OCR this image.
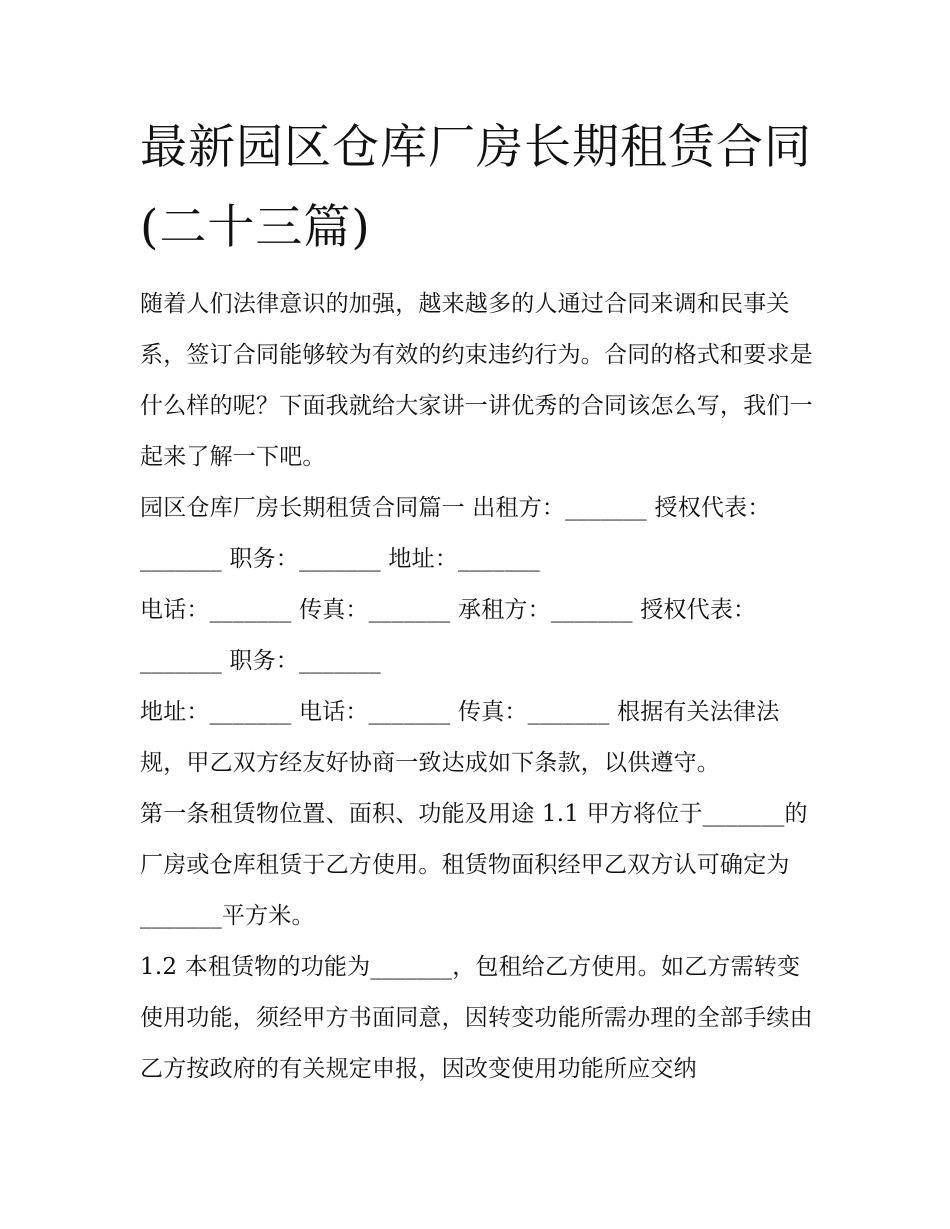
最新园区仓库厂房长期租赁合同(二十三篇)

随着人们法律意识的加强，越来越多的人通过合同来调和民事关系，签订合同能够较为有效的约束违约行为。合同的格式和要求是什么样的呢？下面我就给大家讲一讲优秀的合同该怎么写，我们一起来了解一下吧。

园区仓库厂房长期租赁合同篇一 出租方：_______ 授权代表：_______ 职务：_______ 地址：_______

电话：_______ 传真：_______ 承租方：_______ 授权代表：_______ 职务：_______

地址：_______ 电话：_______ 传真：_______ 根据有关法律法规，甲乙双方经友好协商一致达成如下条款，以供遵守。

第一条租赁物位置、面积、功能及用途 1.1 甲方将位于_______的厂房或仓库租赁于乙方使用。租赁物面积经甲乙双方认可确定为_______平方米。

1.2 本租赁物的功能为_______，包租给乙方使用。如乙方需转变使用功能，须经甲方书面同意，因转变功能所需办理的全部手续由乙方按政府的有关规定申报，因改变使用功能所应交纳
